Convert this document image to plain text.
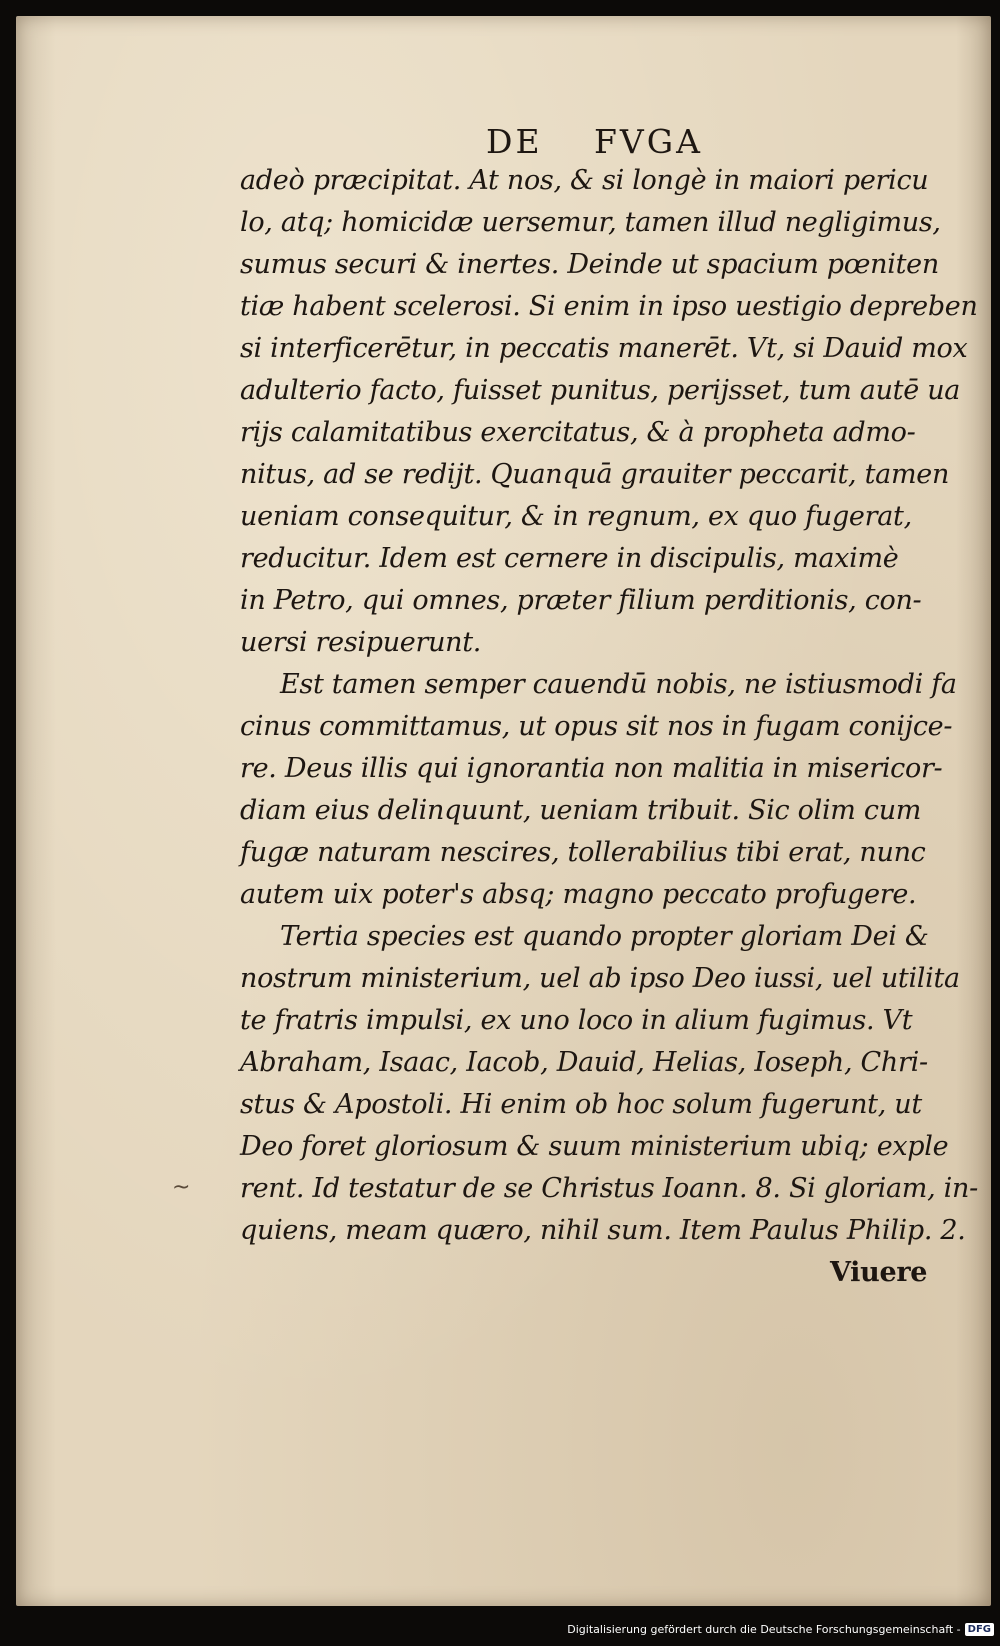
DE FVGA
~
adeò præcipitat. At nos, & si longè in maiori pericu
lo, atq; homicidæ uersemur, tamen illud negligimus,
sumus securi & inertes. Deinde ut spacium pœniten
tiæ habent scelerosi. Si enim in ipso uestigio depreben
si interficerētur, in peccatis manerēt. Vt, si Dauid mox
adulterio facto, fuisset punitus, perijsset, tum autē ua
rijs calamitatibus exercitatus, & à propheta admo-
nitus, ad se redijt. Quanquā grauiter peccarit, tamen
ueniam consequitur, & in regnum, ex quo fugerat,
reducitur. Idem est cernere in discipulis, maximè
in Petro, qui omnes, præter filium perditionis, con-
uersi resipuerunt.
Est tamen semper cauendū nobis, ne istiusmodi fa
cinus committamus, ut opus sit nos in fugam conijce-
re. Deus illis qui ignorantia non malitia in misericor-
diam eius delinquunt, ueniam tribuit. Sic olim cum
fugæ naturam nescires, tollerabilius tibi erat, nunc
autem uix poter's absq; magno peccato profugere.
Tertia species est quando propter gloriam Dei &
nostrum ministerium, uel ab ipso Deo iussi, uel utilita
te fratris impulsi, ex uno loco in alium fugimus. Vt
Abraham, Isaac, Iacob, Dauid, Helias, Ioseph, Chri-
stus & Apostoli. Hi enim ob hoc solum fugerunt, ut
Deo foret gloriosum & suum ministerium ubiq; exple
rent. Id testatur de se Christus Ioann. 8. Si gloriam, in-
quiens, meam quæro, nihil sum. Item Paulus Philip. 2.
Viuere
Digitalisierung gefördert durch die Deutsche Forschungsgemeinschaft - DFG
